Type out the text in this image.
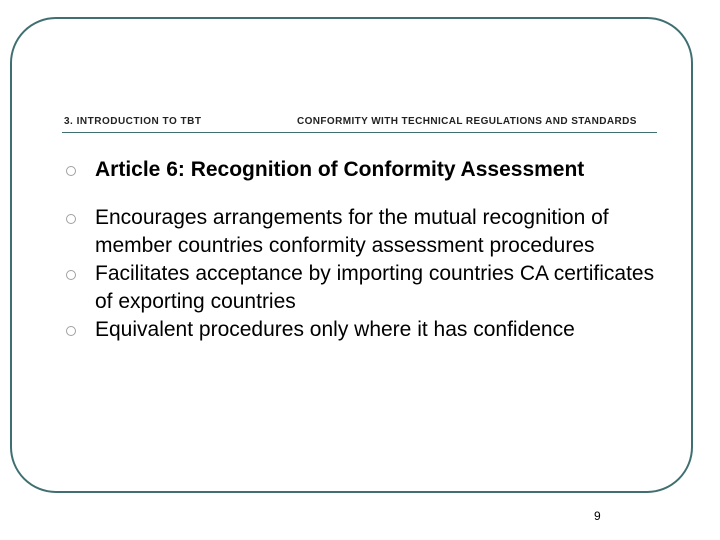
3. INTRODUCTION TO TBT	CONFORMITY WITH TECHNICAL REGULATIONS AND STANDARDS
Article 6: Recognition of Conformity Assessment
Encourages arrangements for the mutual recognition of member countries conformity assessment procedures
Facilitates acceptance by importing countries CA certificates of exporting countries
Equivalent procedures only where it has confidence
9
